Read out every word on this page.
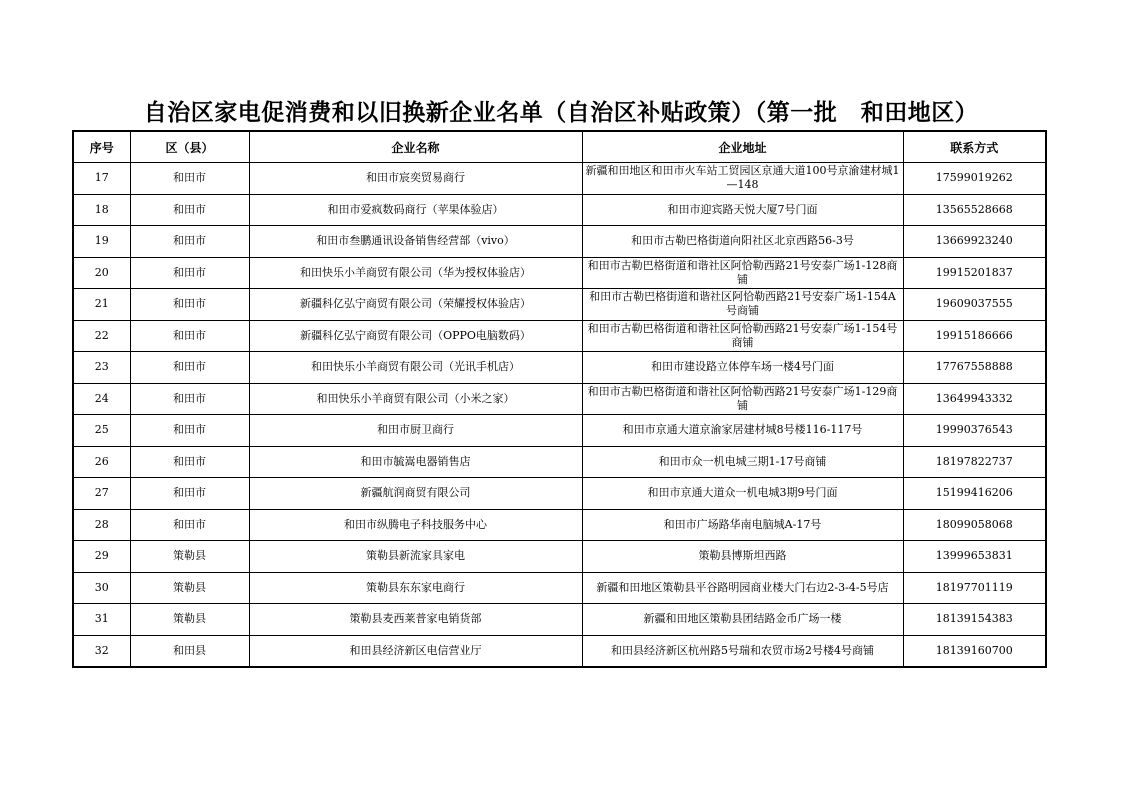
自治区家电促消费和以旧换新企业名单（自治区补贴政策）（第一批　和田地区）
序号	区（县）	企业名称	企业地址	联系方式
17	和田市	和田市宸奕贸易商行	新疆和田地区和田市火车站工贸园区京通大道100号京渝建材城1—148	17599019262
18	和田市	和田市爱疯数码商行（苹果体验店）	和田市迎宾路天悦大厦7号门面	13565528668
19	和田市	和田市叁鹏通讯设备销售经营部（vivo）	和田市古勒巴格街道向阳社区北京西路56-3号	13669923240
20	和田市	和田快乐小羊商贸有限公司（华为授权体验店）	和田市古勒巴格街道和谐社区阿恰勒西路21号安泰广场1-128商铺	19915201837
21	和田市	新疆科亿弘宁商贸有限公司（荣耀授权体验店）	和田市古勒巴格街道和谐社区阿恰勒西路21号安泰广场1-154A号商铺	19609037555
22	和田市	新疆科亿弘宁商贸有限公司（OPPO电脑数码）	和田市古勒巴格街道和谐社区阿恰勒西路21号安泰广场1-154号商铺	19915186666
23	和田市	和田快乐小羊商贸有限公司（光讯手机店）	和田市建设路立体停车场一楼4号门面	17767558888
24	和田市	和田快乐小羊商贸有限公司（小米之家）	和田市古勒巴格街道和谐社区阿恰勒西路21号安泰广场1-129商铺	13649943332
25	和田市	和田市厨卫商行	和田市京通大道京渝家居建材城8号楼116-117号	19990376543
26	和田市	和田市毓嵩电器销售店	和田市众一机电城三期1-17号商铺	18197822737
27	和田市	新疆航润商贸有限公司	和田市京通大道众一机电城3期9号门面	15199416206
28	和田市	和田市纵腾电子科技服务中心	和田市广场路华南电脑城A-17号	18099058068
29	策勒县	策勒县新流家具家电	策勒县博斯坦西路	13999653831
30	策勒县	策勒县东东家电商行	新疆和田地区策勒县平谷路明园商业楼大门右边2-3-4-5号店	18197701119
31	策勒县	策勒县麦西莱普家电销货部	新疆和田地区策勒县团结路金币广场一楼	18139154383
32	和田县	和田县经济新区电信营业厅	和田县经济新区杭州路5号瑞和农贸市场2号楼4号商铺	18139160700
